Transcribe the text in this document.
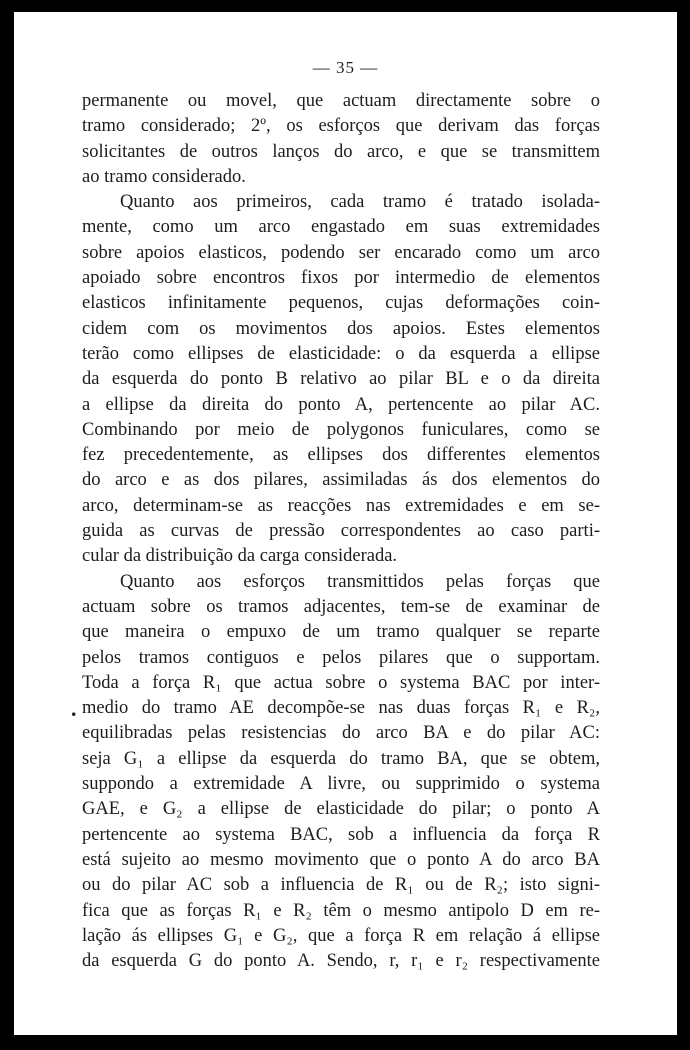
— 35 —
.
permanente ou movel, que actuam directamente sobre o
tramo considerado; 2º, os esforços que derivam das forças
solicitantes de outros lanços do arco, e que se transmittem
ao tramo considerado.
Quanto aos primeiros, cada tramo é tratado isolada-
mente, como um arco engastado em suas extremidades
sobre apoios elasticos, podendo ser encarado como um arco
apoiado sobre encontros fixos por intermedio de elementos
elasticos infinitamente pequenos, cujas deformações coin-
cidem com os movimentos dos apoios. Estes elementos
terão como ellipses de elasticidade: o da esquerda a ellipse
da esquerda do ponto B relativo ao pilar BL e o da direita
a ellipse da direita do ponto A, pertencente ao pilar AC.
Combinando por meio de polygonos funiculares, como se
fez precedentemente, as ellipses dos differentes elementos
do arco e as dos pilares, assimiladas ás dos elementos do
arco, determinam-se as reacções nas extremidades e em se-
guida as curvas de pressão correspondentes ao caso parti-
cular da distribuição da carga considerada.
Quanto aos esforços transmittidos pelas forças que
actuam sobre os tramos adjacentes, tem-se de examinar de
que maneira o empuxo de um tramo qualquer se reparte
pelos tramos contiguos e pelos pilares que o supportam.
Toda a força R₁ que actua sobre o systema BAC por inter-
medio do tramo AE decompõe-se nas duas forças R₁ e R₂,
equilibradas pelas resistencias do arco BA e do pilar AC:
seja G₁ a ellipse da esquerda do tramo BA, que se obtem,
suppondo a extremidade A livre, ou supprimido o systema
GAE, e G₂ a ellipse de elasticidade do pilar; o ponto A
pertencente ao systema BAC, sob a influencia da força R
está sujeito ao mesmo movimento que o ponto A do arco BA
ou do pilar AC sob a influencia de R₁ ou de R₂; isto signi-
fica que as forças R₁ e R₂ têm o mesmo antipolo D em re-
lação ás ellipses G₁ e G₂, que a força R em relação á ellipse
da esquerda G do ponto A. Sendo, r, r₁ e r₂ respectivamente
